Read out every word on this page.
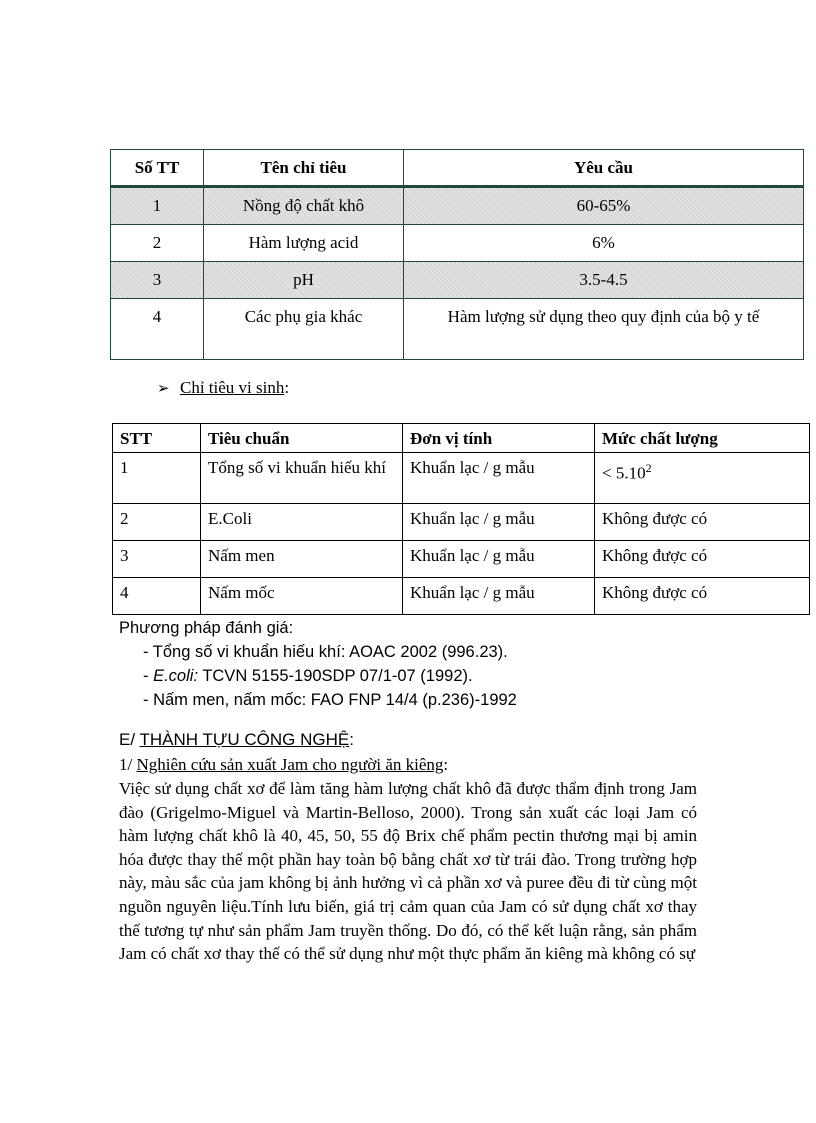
Số TT	Tên chỉ tiêu	Yêu cầu
1	Nồng độ chất khô	60-65%
2	Hàm lượng acid	6%
3	pH	3.5-4.5
4	Các phụ gia khác	Hàm lượng sử dụng theo quy định của bộ y tế
➢ Chỉ tiêu vi sinh:
STT	Tiêu chuẩn	Đơn vị tính	Mức chất lượng
1	Tổng số vi khuẩn hiếu khí	Khuẩn lạc / g mẫu	< $5.10^2$
2	E.Coli	Khuẩn lạc / g mẫu	Không được có
3	Nấm men	Khuẩn lạc / g mẫu	Không được có
4	Nấm mốc	Khuẩn lạc / g mẫu	Không được có
Phương pháp đánh giá:
- Tổng số vi khuẩn hiếu khí: AOAC 2002 (996.23).
- E.coli: TCVN 5155-190SDP 07/1-07 (1992).
- Nấm men, nấm mốc: FAO FNP 14/4 (p.236)-1992
E/ THÀNH TỰU CÔNG NGHỆ:
1/ Nghiên cứu sản xuất Jam cho người ăn kiêng:
Việc sử dụng chất xơ để làm tăng hàm lượng chất khô đã được thẩm định trong Jam đào (Grigelmo-Miguel và Martin-Belloso, 2000). Trong sản xuất các loại Jam có hàm lượng chất khô là 40, 45, 50, 55 độ Brix chế phẩm pectin thương mại bị amin hóa được thay thế một phần hay toàn bộ bằng chất xơ từ trái đào. Trong trường hợp này, màu sắc của jam không bị ảnh hưởng vì cả phần xơ và puree đều đi từ cùng một nguồn nguyên liệu.Tính lưu biến, giá trị cảm quan của Jam có sử dụng chất xơ thay thế tương tự như sản phẩm Jam truyền thống. Do đó, có thể kết luận rằng, sản phẩm Jam có chất xơ thay thế có thể sử dụng như một thực phẩm ăn kiêng mà không có sự
